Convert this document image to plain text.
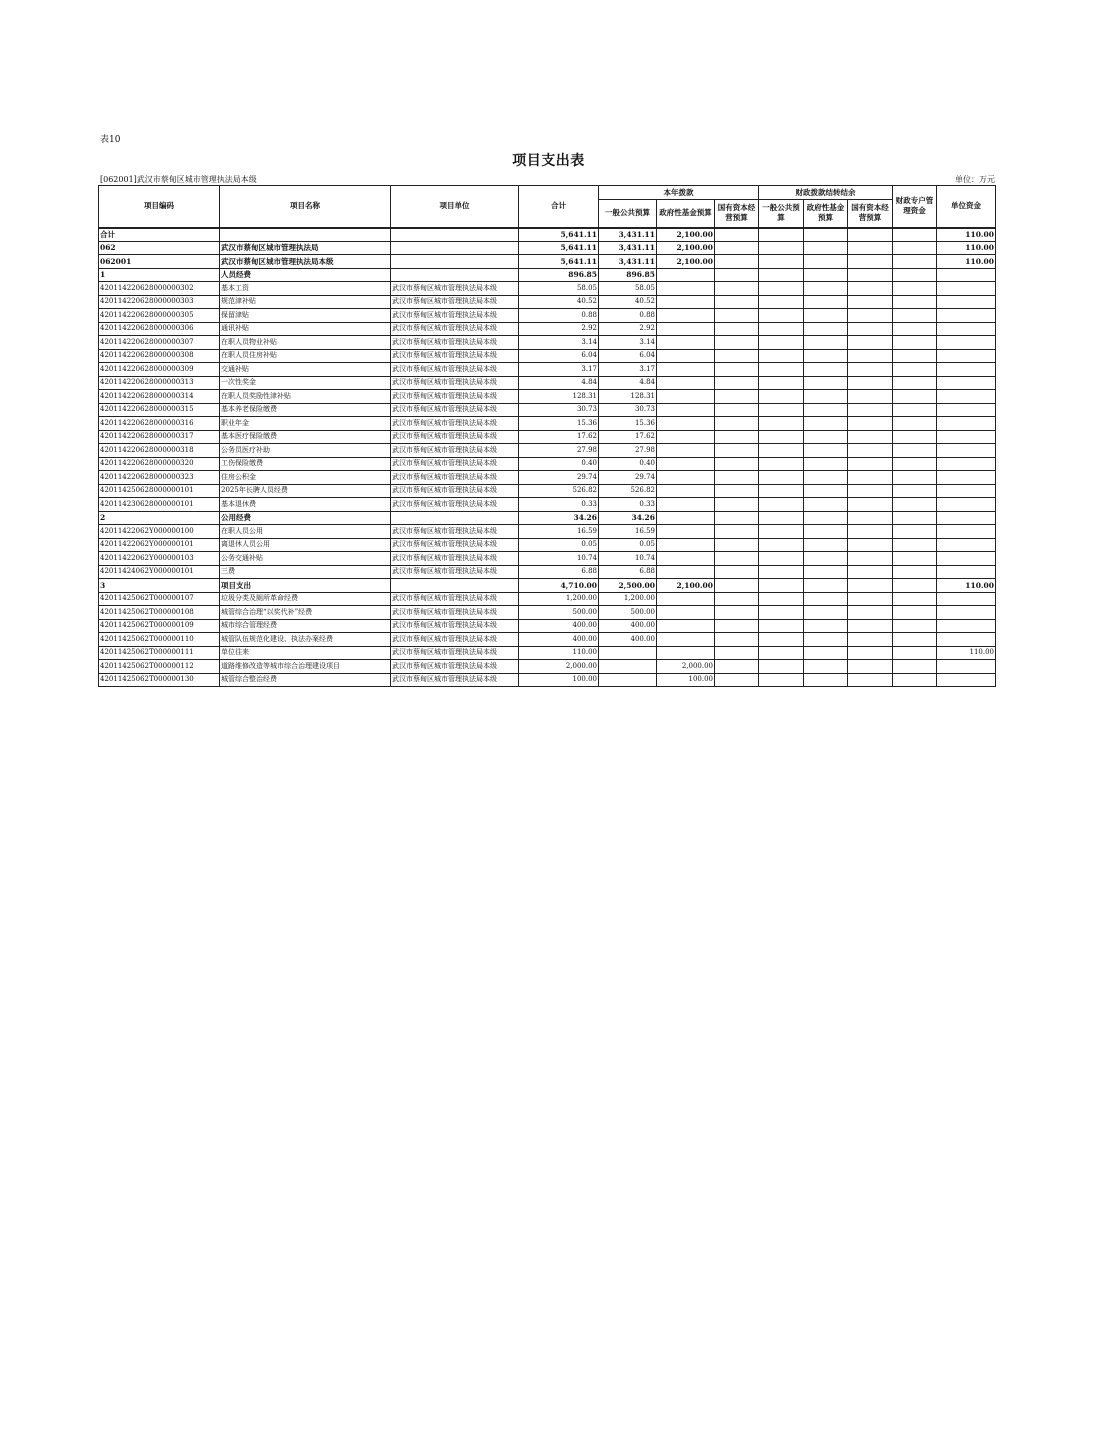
表10
项目支出表
[062001]武汉市蔡甸区城市管理执法局本级	单位：万元
项目编码	项目名称	项目单位	合计	本年拨款			财政拨款结转结余			财政专户管理资金	单位资金
				一般公共预算	政府性基金预算	国有资本经营预算	一般公共预算	政府性基金预算	国有资本经营预算		
合计			5,641.11	3,431.11	2,100.00						110.00
062	武汉市蔡甸区城市管理执法局		5,641.11	3,431.11	2,100.00						110.00
062001	武汉市蔡甸区城市管理执法局本级		5,641.11	3,431.11	2,100.00						110.00
1	人员经费		896.85	896.85							
420114220628000000302	基本工资	武汉市蔡甸区城市管理执法局本级	58.05	58.05							
420114220628000000303	规范津补贴	武汉市蔡甸区城市管理执法局本级	40.52	40.52							
420114220628000000305	保留津贴	武汉市蔡甸区城市管理执法局本级	0.88	0.88							
420114220628000000306	通讯补贴	武汉市蔡甸区城市管理执法局本级	2.92	2.92							
420114220628000000307	在职人员物业补贴	武汉市蔡甸区城市管理执法局本级	3.14	3.14							
420114220628000000308	在职人员住房补贴	武汉市蔡甸区城市管理执法局本级	6.04	6.04							
420114220628000000309	交通补贴	武汉市蔡甸区城市管理执法局本级	3.17	3.17							
420114220628000000313	一次性奖金	武汉市蔡甸区城市管理执法局本级	4.84	4.84							
420114220628000000314	在职人员奖励性津补贴	武汉市蔡甸区城市管理执法局本级	128.31	128.31							
420114220628000000315	基本养老保险缴费	武汉市蔡甸区城市管理执法局本级	30.73	30.73							
420114220628000000316	职业年金	武汉市蔡甸区城市管理执法局本级	15.36	15.36							
420114220628000000317	基本医疗保险缴费	武汉市蔡甸区城市管理执法局本级	17.62	17.62							
420114220628000000318	公务员医疗补助	武汉市蔡甸区城市管理执法局本级	27.98	27.98							
420114220628000000320	工伤保险缴费	武汉市蔡甸区城市管理执法局本级	0.40	0.40							
420114220628000000323	住房公积金	武汉市蔡甸区城市管理执法局本级	29.74	29.74							
420114250628000000101	2025年长聘人员经费	武汉市蔡甸区城市管理执法局本级	526.82	526.82							
420114230628000000101	基本退休费	武汉市蔡甸区城市管理执法局本级	0.33	0.33							
2	公用经费		34.26	34.26							
42011422062Y000000100	在职人员公用	武汉市蔡甸区城市管理执法局本级	16.59	16.59							
42011422062Y000000101	离退休人员公用	武汉市蔡甸区城市管理执法局本级	0.05	0.05							
42011422062Y000000103	公务交通补贴	武汉市蔡甸区城市管理执法局本级	10.74	10.74							
42011424062Y000000101	三费	武汉市蔡甸区城市管理执法局本级	6.88	6.88							
3	项目支出		4,710.00	2,500.00	2,100.00						110.00
42011425062T000000107	垃圾分类及厕所革命经费	武汉市蔡甸区城市管理执法局本级	1,200.00	1,200.00							
42011425062T000000108	城管综合治理“以奖代补”经费	武汉市蔡甸区城市管理执法局本级	500.00	500.00							
42011425062T000000109	城市综合管理经费	武汉市蔡甸区城市管理执法局本级	400.00	400.00							
42011425062T000000110	城管队伍规范化建设、执法办案经费	武汉市蔡甸区城市管理执法局本级	400.00	400.00							
42011425062T000000111	单位往来	武汉市蔡甸区城市管理执法局本级	110.00								110.00
42011425062T000000112	道路维修改造等城市综合治理建设项目	武汉市蔡甸区城市管理执法局本级	2,000.00		2,000.00						
42011425062T000000130	城管综合整治经费	武汉市蔡甸区城市管理执法局本级	100.00		100.00						
